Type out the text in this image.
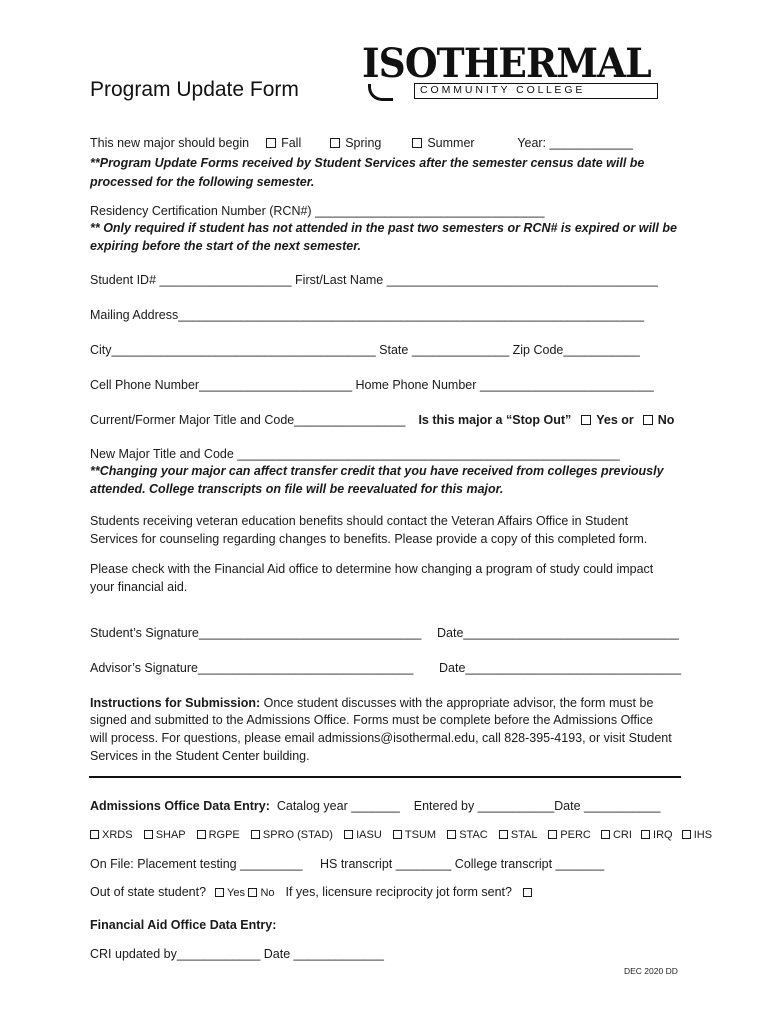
Program Update Form
ISOTHERMAL
C O M M U N I T Y   C O L L E G E
This new major should begin	Fall	Spring	Summer	Year: ____________
**Program Update Forms received by Student Services after the semester census date will be
processed for the following semester.
Residency Certification Number (RCN#) _________________________________
** Only required if student has not attended in the past two semesters or RCN# is expired or will be
expiring before the start of the next semester.
Student ID# ___________________ First/Last Name _______________________________________
Mailing Address___________________________________________________________________
City______________________________________ State ______________ Zip Code___________
Cell Phone Number______________________ Home Phone Number _________________________
Current/Former Major Title and Code________________ Is this major a “Stop Out” Yes or No
New Major Title and Code _______________________________________________________
**Changing your major can affect transfer credit that you have received from colleges previously
attended. College transcripts on file will be reevaluated for this major.
Students receiving veteran education benefits should contact the Veteran Affairs Office in Student
Services for counseling regarding changes to benefits. Please provide a copy of this completed form.
Please check with the Financial Aid office to determine how changing a program of study could impact
your financial aid.
Student’s Signature________________________________ Date_______________________________
Advisor’s Signature_______________________________ Date_______________________________
Instructions for Submission: Once student discusses with the appropriate advisor, the form must be
signed and submitted to the Admissions Office. Forms must be complete before the Admissions Office
will process. For questions, please email admissions@isothermal.edu, call 828-395-4193, or visit Student
Services in the Student Center building.
Admissions Office Data Entry:  Catalog year _______    Entered by ___________Date ___________
XRDS SHAP RGPE SPRO (STAD) IASU TSUM STAC STAL PERC CRI IRQ IHS
On File: Placement testing _________     HS transcript ________ College transcript _______
Out of state student? Yes No If yes, licensure reciprocity jot form sent?
Financial Aid Office Data Entry:
CRI updated by____________ Date _____________
DEC 2020 DD
